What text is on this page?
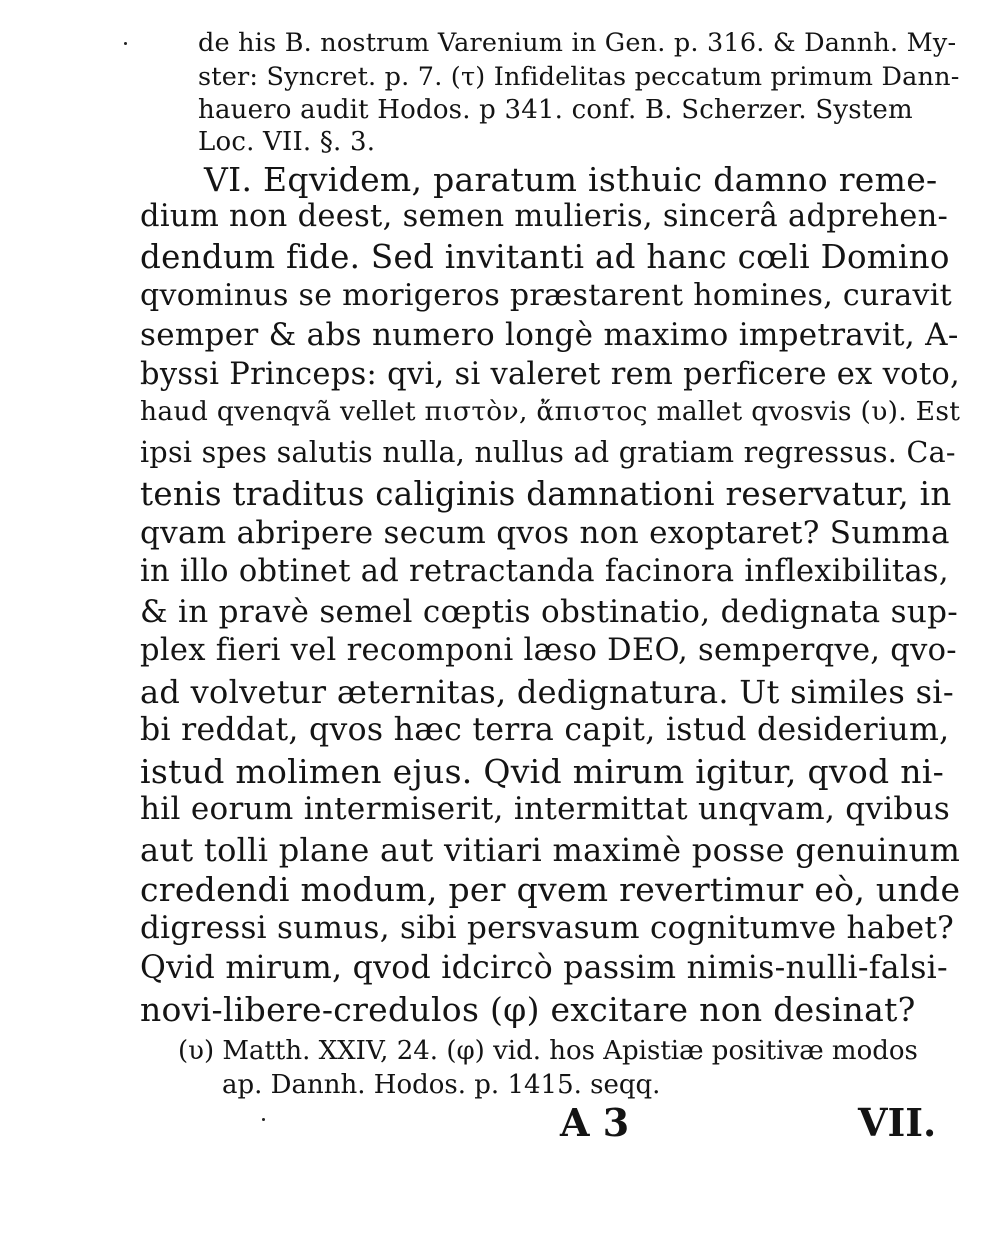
de his B. nostrum Varenium in Gen. p. 316. & Dannh. My-

ster: Syncret. p. 7. (τ) Infidelitas peccatum primum Dann-

hauero audit Hodos. p 341. conf. B. Scherzer. System

Loc. VII. §. 3.

VI. Eqvidem, paratum isthuic damno reme-

dium non deest, semen mulieris, sincerâ adprehen-

dendum fide. Sed invitanti ad hanc cœli Domino

qvominus se morigeros præstarent homines, curavit

semper & abs numero longè maximo impetravit, A-

byssi Princeps: qvi, si valeret rem perficere ex voto,

haud qvenqvã vellet πιστὸν, ἄπιστος mallet qvosvis (υ). Est

ipsi spes salutis nulla, nullus ad gratiam regressus. Ca-

tenis traditus caliginis damnationi reservatur, in

qvam abripere secum qvos non exoptaret? Summa

in illo obtinet ad retractanda facinora inflexibilitas,

& in pravè semel cœptis obstinatio, dedignata sup-

plex fieri vel recomponi læso DEO, semperqve, qvo-

ad volvetur æternitas, dedignatura. Ut similes si-

bi reddat, qvos hæc terra capit, istud desiderium,

istud molimen ejus. Qvid mirum igitur, qvod ni-

hil eorum intermiserit, intermittat unqvam, qvibus

aut tolli plane aut vitiari maximè posse genuinum

credendi modum, per qvem revertimur eò, unde

digressi sumus, sibi persvasum cognitumve habet?

Qvid mirum, qvod idcircò passim nimis-nulli-falsi-

novi-libere-credulos (φ) excitare non desinat?

(υ) Matth. XXIV, 24. (φ) vid. hos Apistiæ positivæ modos

ap. Dannh. Hodos. p. 1415. seqq.

A 3	VII.
